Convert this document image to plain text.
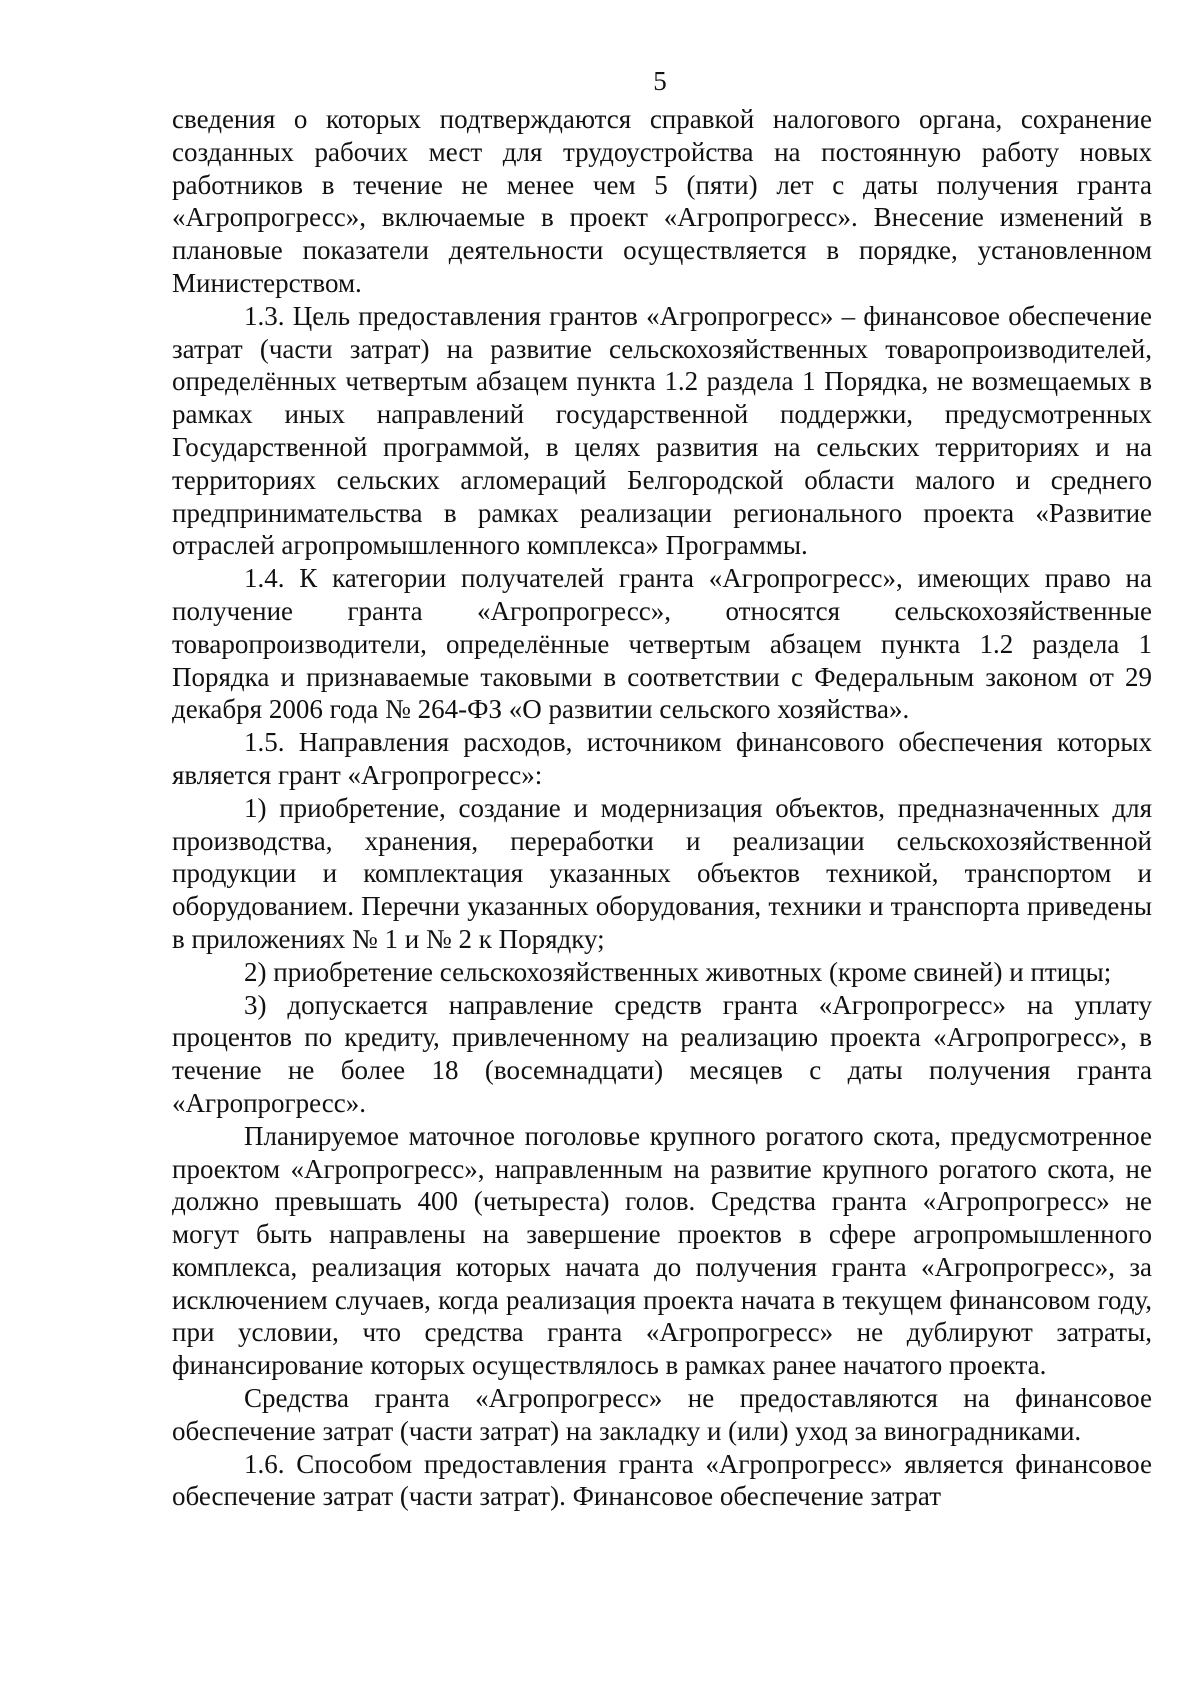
5

сведения о которых подтверждаются справкой налогового органа, сохранение созданных рабочих мест для трудоустройства на постоянную работу новых работников в течение не менее чем 5 (пяти) лет с даты получения гранта «Агропрогресс», включаемые в проект «Агропрогресс». Внесение изменений в плановые показатели деятельности осуществляется в порядке, установленном Министерством.

1.3. Цель предоставления грантов «Агропрогресс» – финансовое обеспечение затрат (части затрат) на развитие сельскохозяйственных товаропроизводителей, определённых четвертым абзацем пункта 1.2 раздела 1 Порядка, не возмещаемых в рамках иных направлений государственной поддержки, предусмотренных Государственной программой, в целях развития на сельских территориях и на территориях сельских агломераций Белгородской области малого и среднего предпринимательства в рамках реализации регионального проекта «Развитие отраслей агропромышленного комплекса» Программы.

1.4. К категории получателей гранта «Агропрогресс», имеющих право на получение гранта «Агропрогресс», относятся сельскохозяйственные товаропроизводители, определённые четвертым абзацем пункта 1.2 раздела 1 Порядка и признаваемые таковыми в соответствии с Федеральным законом от 29 декабря 2006 года № 264-ФЗ «О развитии сельского хозяйства».

1.5. Направления расходов, источником финансового обеспечения которых является грант «Агропрогресс»:

1) приобретение, создание и модернизация объектов, предназначенных для производства, хранения, переработки и реализации сельскохозяйственной продукции и комплектация указанных объектов техникой, транспортом и оборудованием. Перечни указанных оборудования, техники и транспорта приведены в приложениях № 1 и № 2 к Порядку;

2) приобретение сельскохозяйственных животных (кроме свиней) и птицы;

3) допускается направление средств гранта «Агропрогресс» на уплату процентов по кредиту, привлеченному на реализацию проекта «Агропрогресс», в течение не более 18 (восемнадцати) месяцев с даты получения гранта «Агропрогресс».

Планируемое маточное поголовье крупного рогатого скота, предусмотренное проектом «Агропрогресс», направленным на развитие крупного рогатого скота, не должно превышать 400 (четыреста) голов. Средства гранта «Агропрогресс» не могут быть направлены на завершение проектов в сфере агропромышленного комплекса, реализация которых начата до получения гранта «Агропрогресс», за исключением случаев, когда реализация проекта начата в текущем финансовом году, при условии, что средства гранта «Агропрогресс» не дублируют затраты, финансирование которых осуществлялось в рамках ранее начатого проекта.

Средства гранта «Агропрогресс» не предоставляются на финансовое обеспечение затрат (части затрат) на закладку и (или) уход за виноградниками.

1.6. Способом предоставления гранта «Агропрогресс» является финансовое обеспечение затрат (части затрат). Финансовое обеспечение затрат
